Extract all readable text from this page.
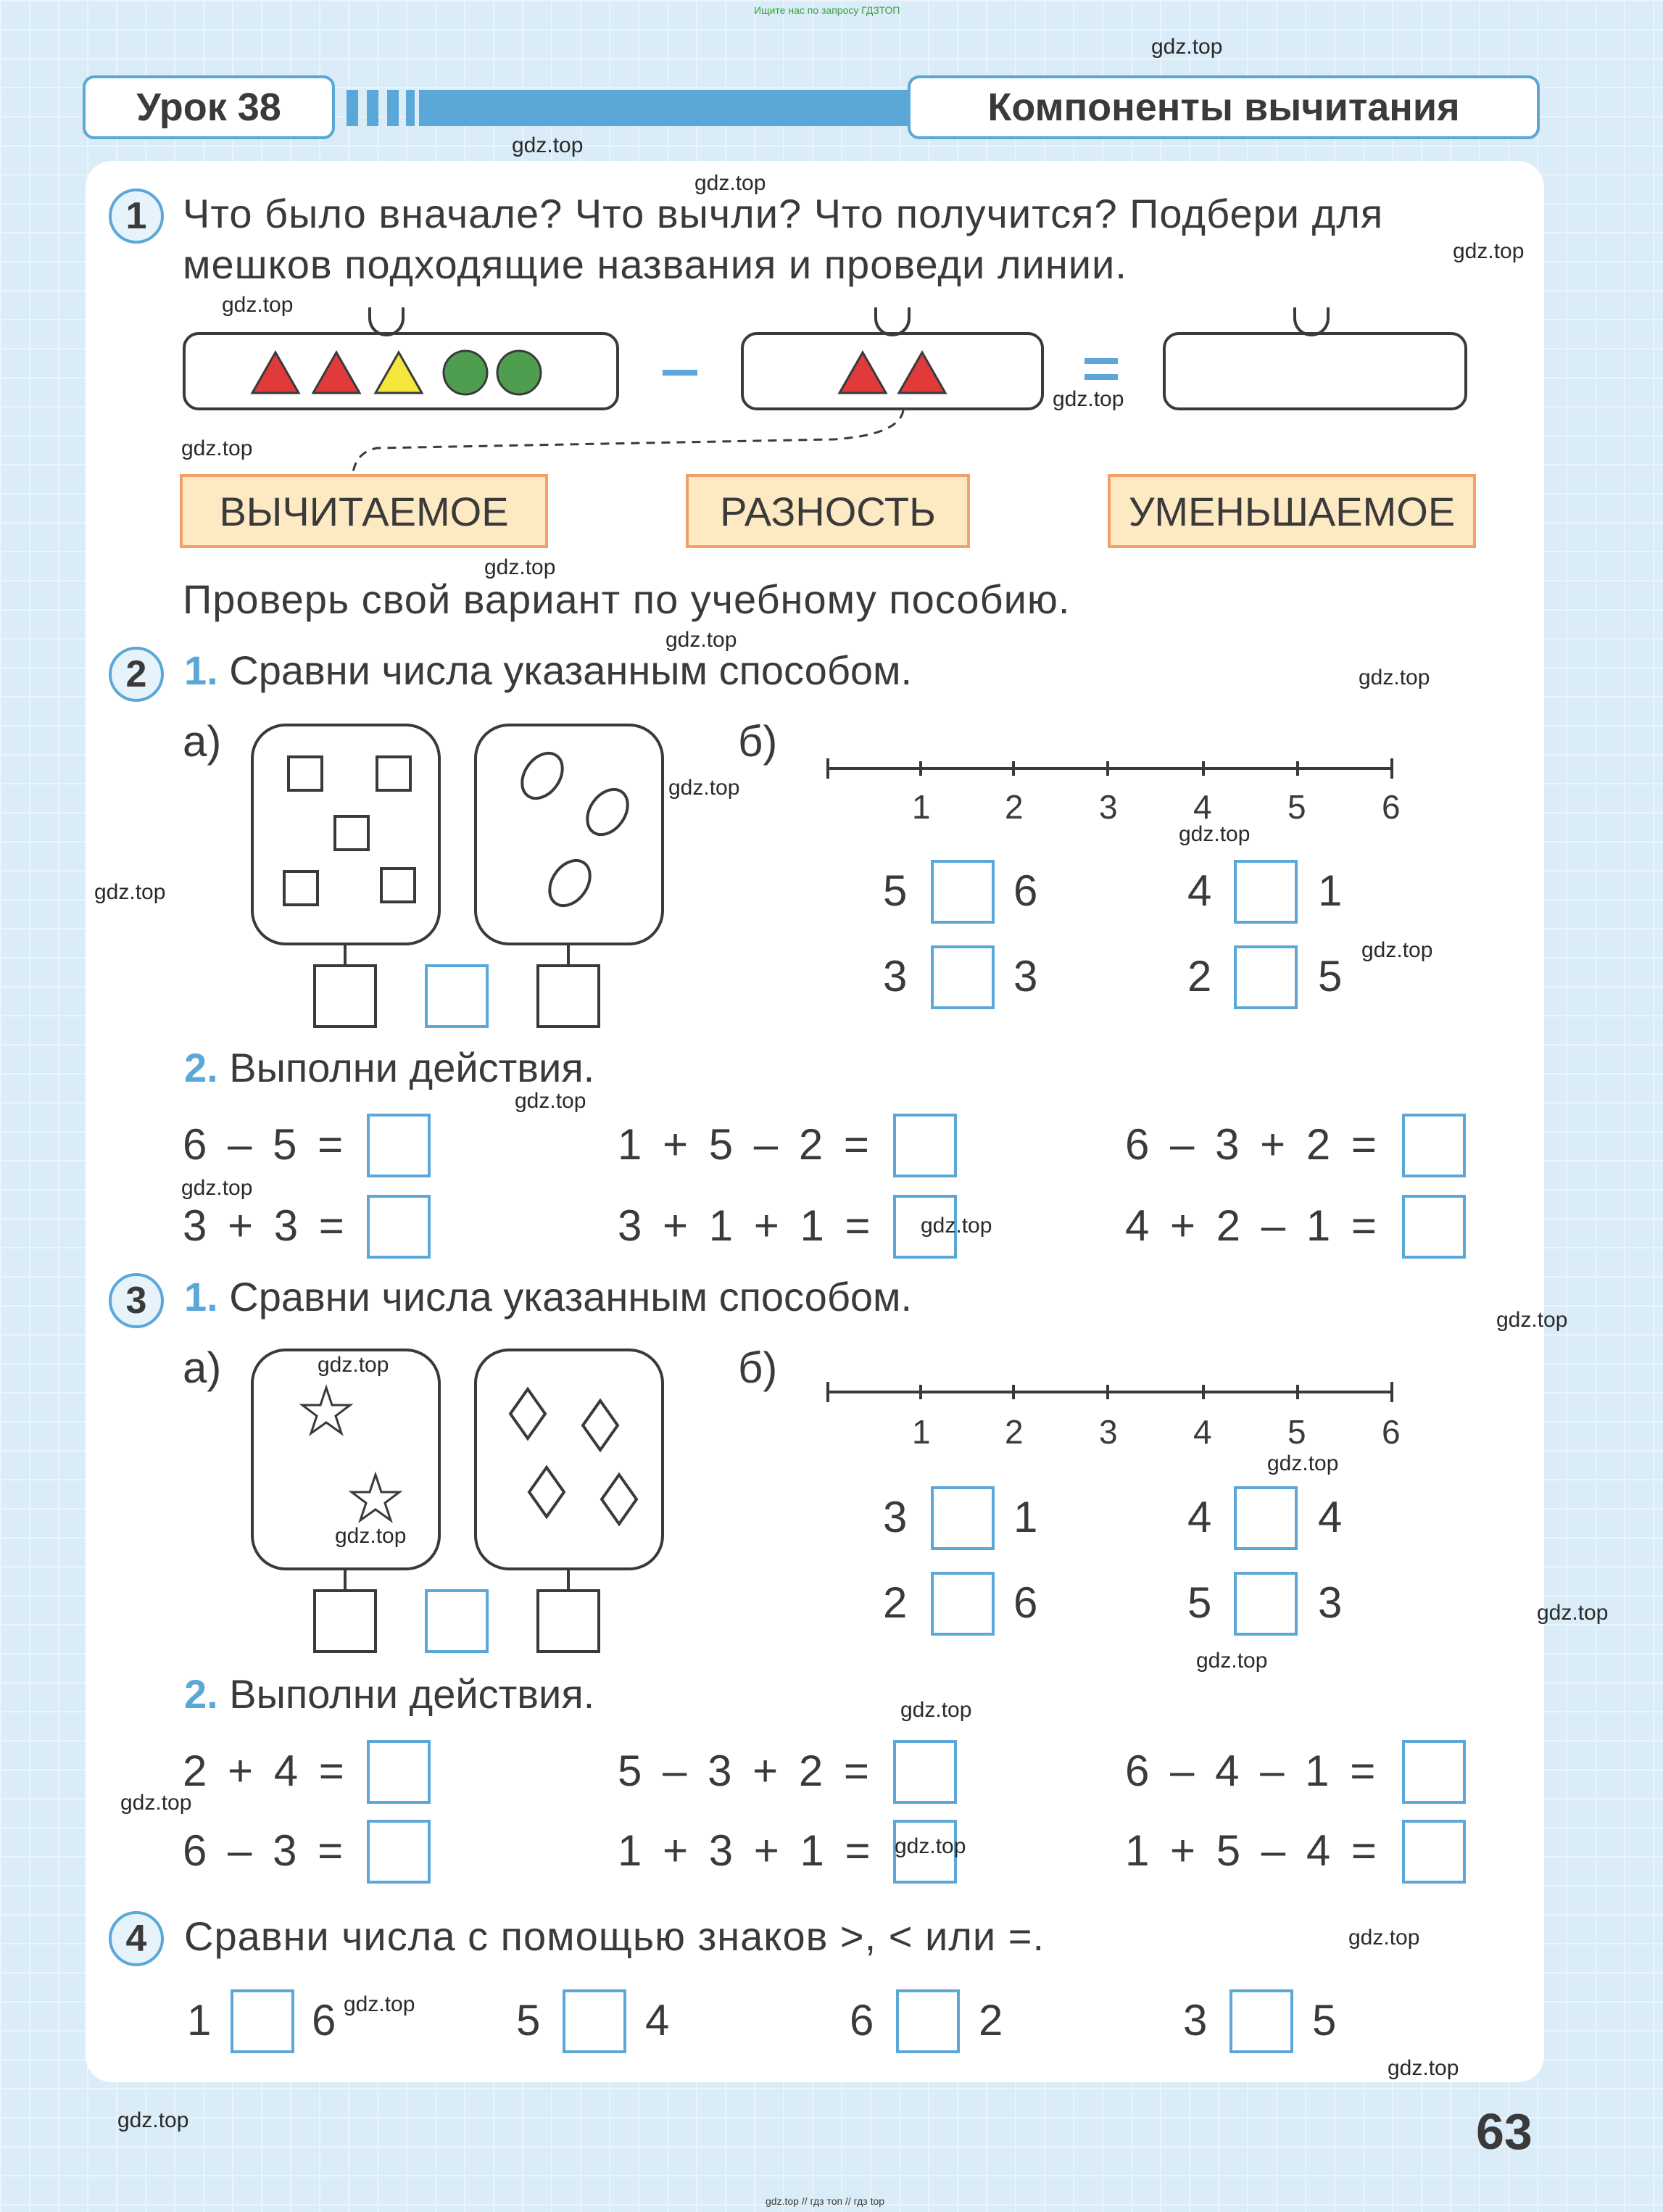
Ищите нас по запросу ГДЗТОП
Урок 38	Компоненты вычитания
1 Что было вначале? Что вычли? Что получится? Подбери для
мешков подходящие названия и проведи линии.
ВЫЧИТАЕМОЕ	РАЗНОСТЬ	УМЕНЬШАЕМОЕ
Проверь свой вариант по учебному пособию.
2 1. Сравни числа указанным способом.
а)	б)
1 2 3 4 5 6
5 6	4 1
3 3	2 5
2. Выполни действия.
6 – 5 =	1 + 5 – 2 =	6 – 3 + 2 =
3 + 3 =	3 + 1 + 1 =	4 + 2 – 1 =
3 1. Сравни числа указанным способом.
а)	б)
1 2 3 4 5 6
3 1	4 4
2 6	5 3
2. Выполни действия.
2 + 4 =	5 – 3 + 2 =	6 – 4 – 1 =
6 – 3 =	1 + 3 + 1 =	1 + 5 – 4 =
4 Сравни числа с помощью знаков >, < или =.
1 6	5 4	6 2	3 5
63
gdz.top // гдз топ // гдз top
gdz.top
gdz.top
gdz.top
gdz.top
gdz.top
gdz.top
gdz.top
gdz.top
gdz.top
gdz.top
gdz.top
gdz.top
gdz.top
gdz.top
gdz.top
gdz.top
gdz.top
gdz.top
gdz.top
gdz.top
gdz.top
gdz.top
gdz.top
gdz.top
gdz.top
gdz.top
gdz.top
gdz.top
gdz.top
gdz.top
